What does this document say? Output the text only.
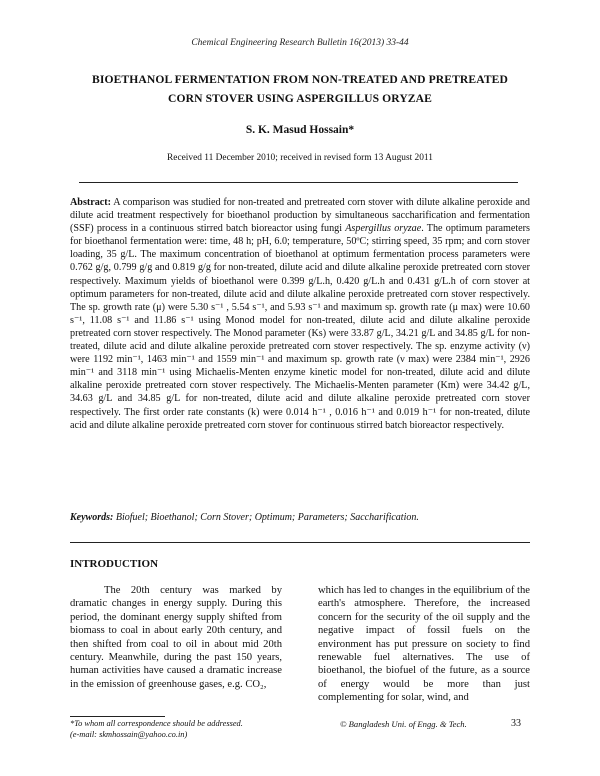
Chemical Engineering Research Bulletin 16(2013) 33-44
BIOETHANOL FERMENTATION FROM NON-TREATED AND PRETREATED
CORN STOVER USING ASPERGILLUS ORYZAE
S. K. Masud Hossain*
Received 11 December 2010; received in revised form 13 August 2011
Abstract: A comparison was studied for non-treated and pretreated corn stover with dilute alkaline peroxide and dilute acid treatment respectively for bioethanol production by simultaneous saccharification and fermentation (SSF) process in a continuous stirred batch bioreactor using fungi Aspergillus oryzae. The optimum parameters for bioethanol fermentation were: time, 48 h; pH, 6.0; temperature, 50ºC; stirring speed, 35 rpm; and corn stover loading, 35 g/L. The maximum concentration of bioethanol at optimum fermentation process parameters were 0.762 g/g, 0.799 g/g and 0.819 g/g for non-treated, dilute acid and dilute alkaline peroxide pretreated corn stover respectively. Maximum yields of bioethanol were 0.399 g/L.h, 0.420 g/L.h and 0.431 g/L.h of corn stover at optimum parameters for non-treated, dilute acid and dilute alkaline peroxide pretreated corn stover respectively. The sp. growth rate (μ) were 5.30 s⁻¹ , 5.54 s⁻¹, and 5.93 s⁻¹ and maximum sp. growth rate (μ max) were 10.60 s⁻¹, 11.08 s⁻¹ and 11.86 s⁻¹ using Monod model for non-treated, dilute acid and dilute alkaline peroxide pretreated corn stover respectively. The Monod parameter (Ks) were 33.87 g/L, 34.21 g/L and 34.85 g/L for non-treated, dilute acid and dilute alkaline peroxide pretreated corn stover respectively. The sp. enzyme activity (ν) were 1192 min⁻¹, 1463 min⁻¹ and 1559 min⁻¹ and maximum sp. growth rate (ν max) were 2384 min⁻¹, 2926 min⁻¹ and 3118 min⁻¹ using Michaelis-Menten enzyme kinetic model for non-treated, dilute acid and dilute alkaline peroxide pretreated corn stover respectively. The Michaelis-Menten parameter (Km) were 34.42 g/L, 34.63 g/L and 34.85 g/L for non-treated, dilute acid and dilute alkaline peroxide pretreated corn stover respectively. The first order rate constants (k) were 0.014 h⁻¹ , 0.016 h⁻¹ and 0.019 h⁻¹ for non-treated, dilute acid and dilute alkaline peroxide pretreated corn stover for continuous stirred batch bioreactor respectively.
Keywords: Biofuel; Bioethanol; Corn Stover; Optimum; Parameters; Saccharification.
INTRODUCTION
The 20th century was marked by dramatic changes in energy supply. During this period, the dominant energy supply shifted from biomass to coal in about early 20th century, and then shifted from coal to oil in about mid 20th century. Meanwhile, during the past 150 years, human activities have caused a dramatic increase in the emission of greenhouse gases, e.g. CO₂,
which has led to changes in the equilibrium of the earth's atmosphere. Therefore, the increased concern for the security of the oil supply and the negative impact of fossil fuels on the environment has put pressure on society to find renewable fuel alternatives. The use of bioethanol, the biofuel of the future, as a source of energy would be more than just complementing for solar, wind, and
*To whom all correspondence should be addressed.
(e-mail: skmhossain@yahoo.co.in)
© Bangladesh Uni. of Engg. & Tech.	33
